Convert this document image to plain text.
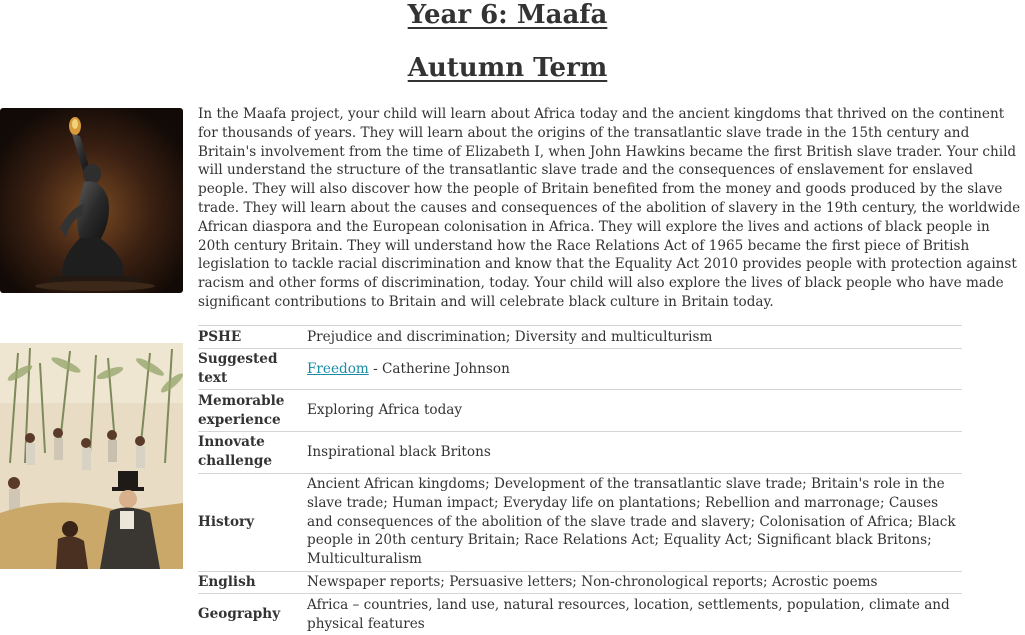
Year 6: Maafa
Autumn Term

In the Maafa project, your child will learn about Africa today and the ancient kingdoms that thrived on the continent for thousands of years. They will learn about the origins of the transatlantic slave trade in the 15th century and Britain's involvement from the time of Elizabeth I, when John Hawkins became the first British slave trader. Your child will understand the structure of the transatlantic slave trade and the consequences of enslavement for enslaved people. They will also discover how the people of Britain benefited from the money and goods produced by the slave trade. They will learn about the causes and consequences of the abolition of slavery in the 19th century, the worldwide African diaspora and the European colonisation in Africa. They will explore the lives and actions of black people in 20th century Britain. They will understand how the Race Relations Act of 1965 became the first piece of British legislation to tackle racial discrimination and know that the Equality Act 2010 provides people with protection against racism and other forms of discrimination, today. Your child will also explore the lives of black people who have made significant contributions to Britain and will celebrate black culture in Britain today.

PSHE	Prejudice and discrimination; Diversity and multiculturism
Suggested text	Freedom - Catherine Johnson
Memorable experience	Exploring Africa today
Innovate challenge	Inspirational black Britons
History	Ancient African kingdoms; Development of the transatlantic slave trade; Britain's role in the slave trade; Human impact; Everyday life on plantations; Rebellion and marronage; Causes and consequences of the abolition of the slave trade and slavery; Colonisation of Africa; Black people in 20th century Britain; Race Relations Act; Equality Act; Significant black Britons; Multiculturalism
English	Newspaper reports; Persuasive letters; Non-chronological reports; Acrostic poems
Geography	Africa – countries, land use, natural resources, location, settlements, population, climate and physical features
